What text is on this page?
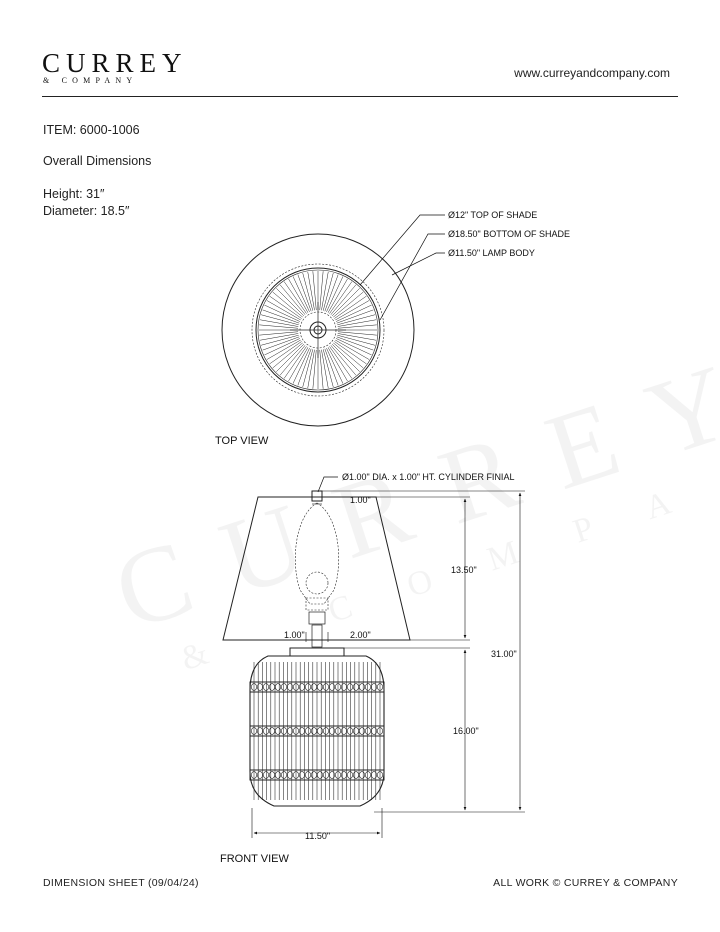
CURREY
& COMPANY
www.curreyandcompany.com
ITEM: 6000-1006
Overall Dimensions
Height: 31″
Diameter: 18.5″	Ø12" TOP OF SHADE
Ø18.50" BOTTOM OF SHADE
Ø11.50" LAMP BODY
TOP VIEW
Ø1.00" DIA. x 1.00" HT. CYLINDER FINIAL
1.00"
13.50"
31.00"
16.00"
11.50"
1.00"	2.00"
FRONT VIEW
DIMENSION SHEET (09/04/24)	ALL WORK © CURREY & COMPANY
